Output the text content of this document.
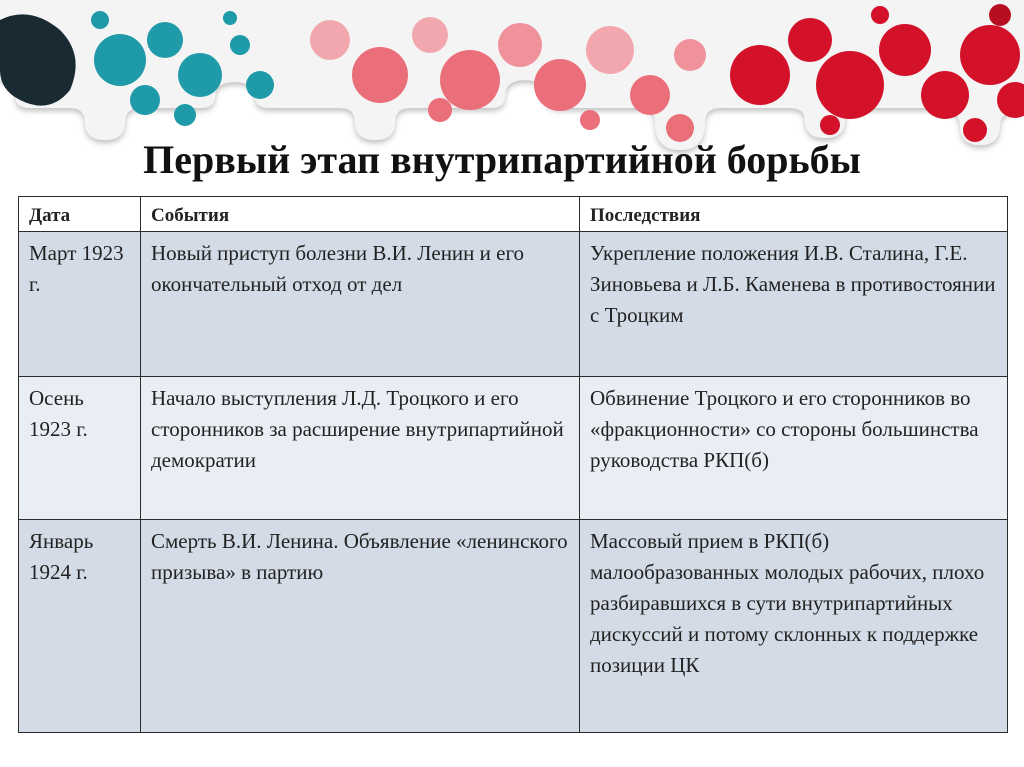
Первый этап внутрипартийной борьбы
Дата	События	Последствия
Март 1923 г.	Новый приступ болезни В.И. Ленин и его окончательный отход от дел	Укрепление положения И.В. Сталина, Г.Е. Зиновьева и Л.Б. Каменева в противостоянии с Троцким
Осень 1923 г.	Начало выступления Л.Д. Троцкого и его сторонников за расширение внутрипартийной демократии	Обвинение Троцкого и его сторонников во «фракционности» со стороны большинства руководства РКП(б)
Январь 1924 г.	Смерть В.И. Ленина. Объявление «ленинского призыва» в партию	Массовый прием в РКП(б) малообразованных молодых рабочих, плохо разбиравшихся в сути внутрипартийных дискуссий и потому склонных к поддержке позиции ЦК
